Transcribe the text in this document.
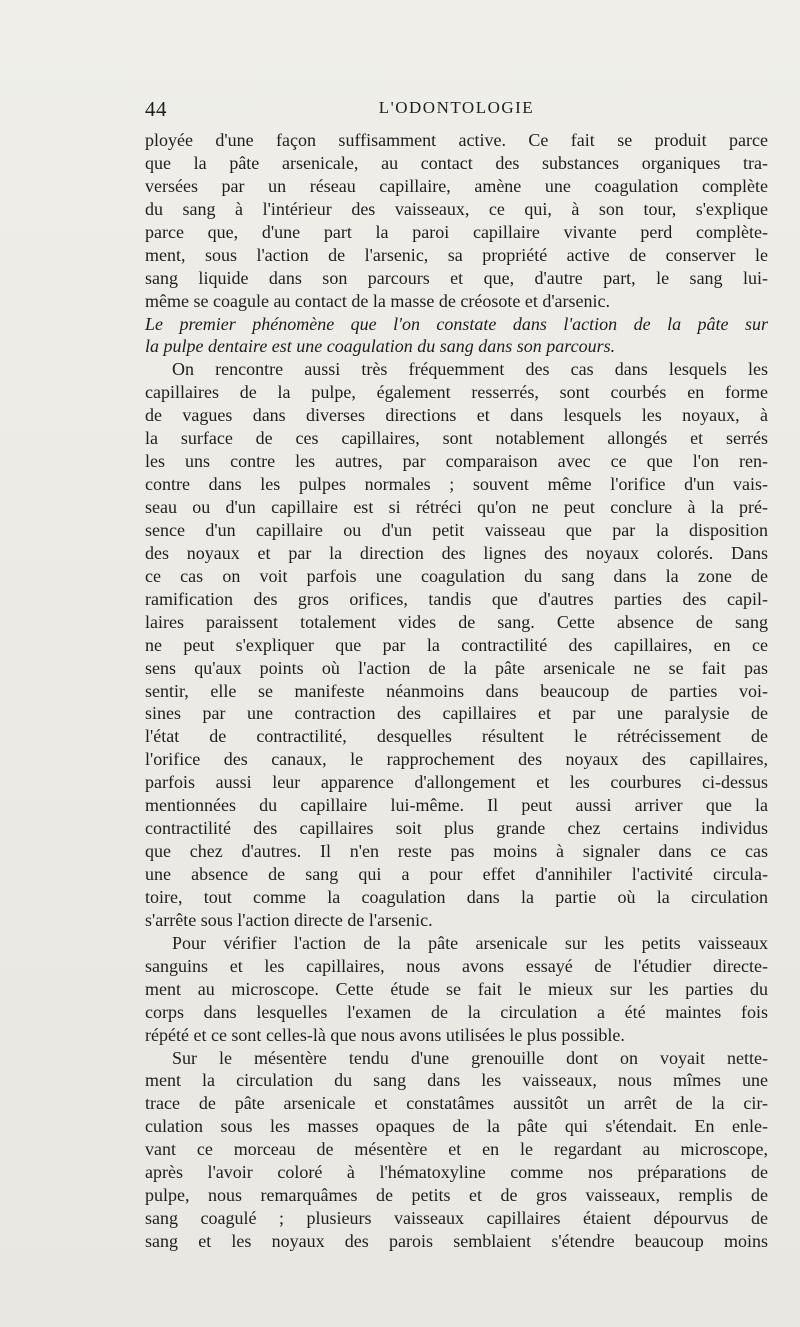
44	L'ODONTOLOGIE
ployée d'une façon suffisamment active. Ce fait se produit parce
que la pâte arsenicale, au contact des substances organiques tra-
versées par un réseau capillaire, amène une coagulation complète
du sang à l'intérieur des vaisseaux, ce qui, à son tour, s'explique
parce que, d'une part la paroi capillaire vivante perd complète-
ment, sous l'action de l'arsenic, sa propriété active de conserver le
sang liquide dans son parcours et que, d'autre part, le sang lui-
même se coagule au contact de la masse de créosote et d'arsenic.
Le premier phénomène que l'on constate dans l'action de la pâte sur
la pulpe dentaire est une coagulation du sang dans son parcours.
On rencontre aussi très fréquemment des cas dans lesquels les
capillaires de la pulpe, également resserrés, sont courbés en forme
de vagues dans diverses directions et dans lesquels les noyaux, à
la surface de ces capillaires, sont notablement allongés et serrés
les uns contre les autres, par comparaison avec ce que l'on ren-
contre dans les pulpes normales ; souvent même l'orifice d'un vais-
seau ou d'un capillaire est si rétréci qu'on ne peut conclure à la pré-
sence d'un capillaire ou d'un petit vaisseau que par la disposition
des noyaux et par la direction des lignes des noyaux colorés. Dans
ce cas on voit parfois une coagulation du sang dans la zone de
ramification des gros orifices, tandis que d'autres parties des capil-
laires paraissent totalement vides de sang. Cette absence de sang
ne peut s'expliquer que par la contractilité des capillaires, en ce
sens qu'aux points où l'action de la pâte arsenicale ne se fait pas
sentir, elle se manifeste néanmoins dans beaucoup de parties voi-
sines par une contraction des capillaires et par une paralysie de
l'état de contractilité, desquelles résultent le rétrécissement de
l'orifice des canaux, le rapprochement des noyaux des capillaires,
parfois aussi leur apparence d'allongement et les courbures ci-dessus
mentionnées du capillaire lui-même. Il peut aussi arriver que la
contractilité des capillaires soit plus grande chez certains individus
que chez d'autres. Il n'en reste pas moins à signaler dans ce cas
une absence de sang qui a pour effet d'annihiler l'activité circula-
toire, tout comme la coagulation dans la partie où la circulation
s'arrête sous l'action directe de l'arsenic.
Pour vérifier l'action de la pâte arsenicale sur les petits vaisseaux
sanguins et les capillaires, nous avons essayé de l'étudier directe-
ment au microscope. Cette étude se fait le mieux sur les parties du
corps dans lesquelles l'examen de la circulation a été maintes fois
répété et ce sont celles-là que nous avons utilisées le plus possible.
Sur le mésentère tendu d'une grenouille dont on voyait nette-
ment la circulation du sang dans les vaisseaux, nous mîmes une
trace de pâte arsenicale et constatâmes aussitôt un arrêt de la cir-
culation sous les masses opaques de la pâte qui s'étendait. En enle-
vant ce morceau de mésentère et en le regardant au microscope,
après l'avoir coloré à l'hématoxyline comme nos préparations de
pulpe, nous remarquâmes de petits et de gros vaisseaux, remplis de
sang coagulé ; plusieurs vaisseaux capillaires étaient dépourvus de
sang et les noyaux des parois semblaient s'étendre beaucoup moins
